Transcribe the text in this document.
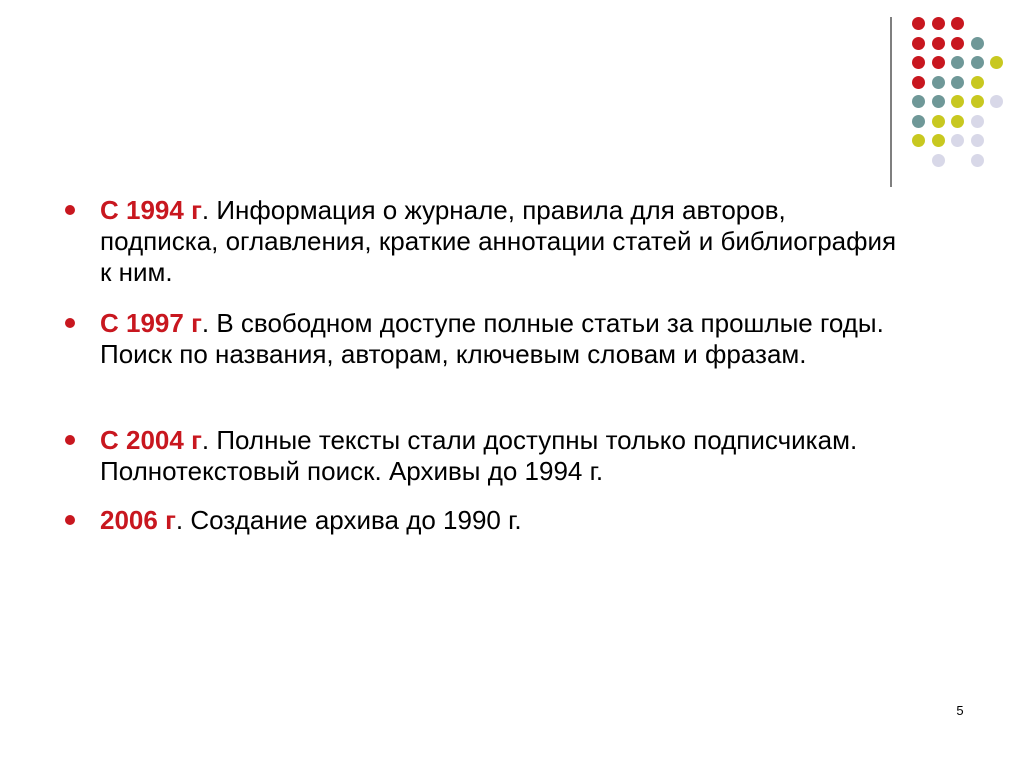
С 1994 г. Информация о журнале, правила для авторов, подписка, оглавления, краткие аннотации статей и библиография к ним.
С 1997 г. В свободном доступе полные статьи за прошлые годы. Поиск по названия, авторам, ключевым словам и фразам.
С 2004 г. Полные тексты стали доступны только подписчикам. Полнотекстовый поиск. Архивы до 1994 г.
2006 г. Создание архива до 1990 г.
5
